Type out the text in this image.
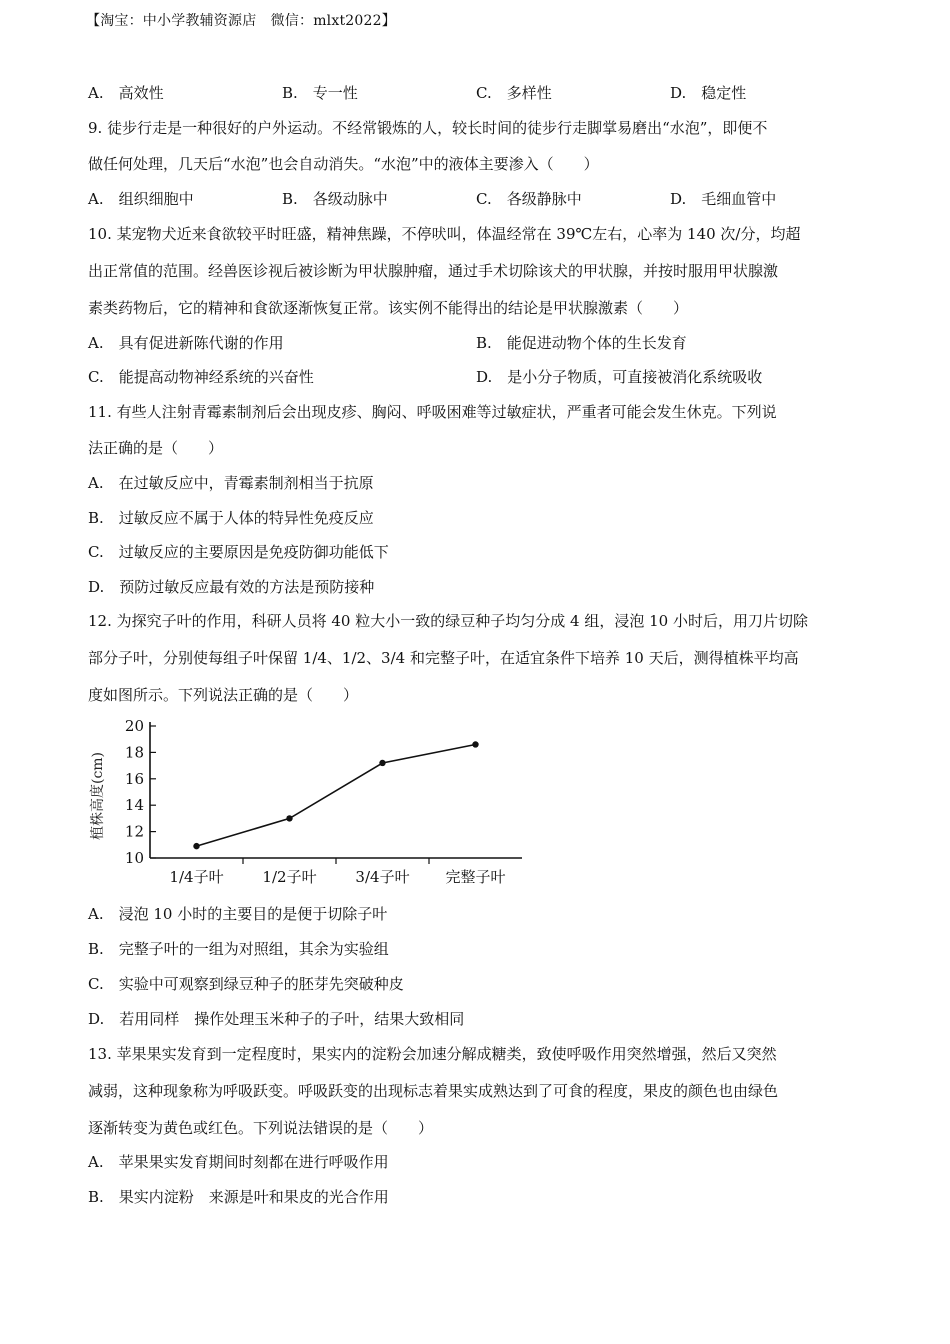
【淘宝：中小学教辅资源店　微信：mlxt2022】
A.　高效性	B.　专一性	C.　多样性	D.　稳定性
9. 徒步行走是一种很好的户外运动。不经常锻炼的人，较长时间的徒步行走脚掌易磨出“水泡”，即便不
做任何处理，几天后“水泡”也会自动消失。“水泡”中的液体主要渗入（　　）
A.　组织细胞中	B.　各级动脉中	C.　各级静脉中	D.　毛细血管中
10. 某宠物犬近来食欲较平时旺盛，精神焦躁，不停吠叫，体温经常在 39℃左右，心率为 140 次/分，均超
出正常值的范围。经兽医诊视后被诊断为甲状腺肿瘤，通过手术切除该犬的甲状腺，并按时服用甲状腺激
素类药物后，它的精神和食欲逐渐恢复正常。该实例不能得出的结论是甲状腺激素（　　）
A.　具有促进新陈代谢的作用	B.　能促进动物个体的生长发育
C.　能提高动物神经系统的兴奋性	D.　是小分子物质，可直接被消化系统吸收
11. 有些人注射青霉素制剂后会出现皮疹、胸闷、呼吸困难等过敏症状，严重者可能会发生休克。下列说
法正确的是（　　）
A.　在过敏反应中，青霉素制剂相当于抗原
B.　过敏反应不属于人体的特异性免疫反应
C.　过敏反应的主要原因是免疫防御功能低下
D.　预防过敏反应最有效的方法是预防接种
12. 为探究子叶的作用，科研人员将 40 粒大小一致的绿豆种子均匀分成 4 组，浸泡 10 小时后，用刀片切除
部分子叶，分别使每组子叶保留 1/4、1/2、3/4 和完整子叶，在适宜条件下培养 10 天后，测得植株平均高
度如图所示。下列说法正确的是（　　）
植株高度(cm)
10
12
14
16
18
20
1/4子叶	1/2子叶	3/4子叶 完整子叶
A.　浸泡 10 小时的主要目的是便于切除子叶
B.　完整子叶的一组为对照组，其余为实验组
C.　实验中可观察到绿豆种子的胚芽先突破种皮
D.　若用同样　操作处理玉米种子的子叶，结果大致相同
13. 苹果果实发育到一定程度时，果实内的淀粉会加速分解成糖类，致使呼吸作用突然增强，然后又突然
减弱，这种现象称为呼吸跃变。呼吸跃变的出现标志着果实成熟达到了可食的程度，果皮的颜色也由绿色
逐渐转变为黄色或红色。下列说法错误的是（　　）
A.　苹果果实发育期间时刻都在进行呼吸作用
B.　果实内淀粉　来源是叶和果皮的光合作用
